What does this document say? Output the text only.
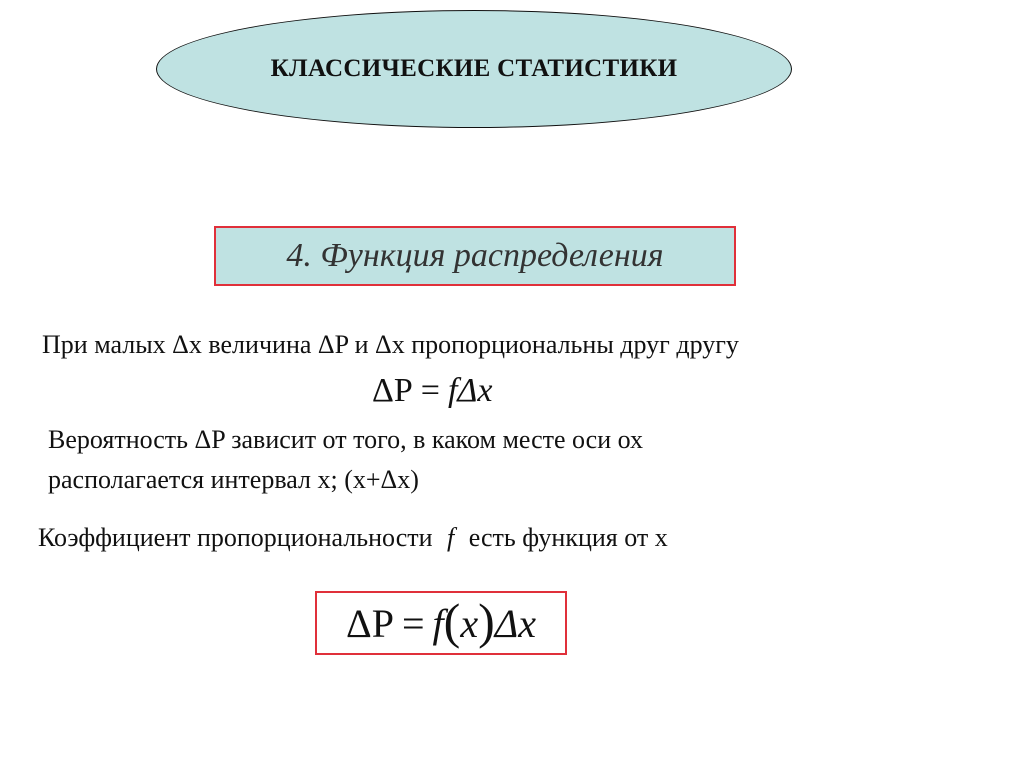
КЛАССИЧЕСКИЕ СТАТИСТИКИ
4. Функция распределения
При малых Δx величина ΔP и Δx пропорциональны друг другу
ΔP = fΔx
Вероятность ΔP зависит от того, в каком месте оси ох
располагается интервал x; (x+Δx)
Коэффициент пропорциональности f есть функция от x
ΔP = f ( x ) Δx
